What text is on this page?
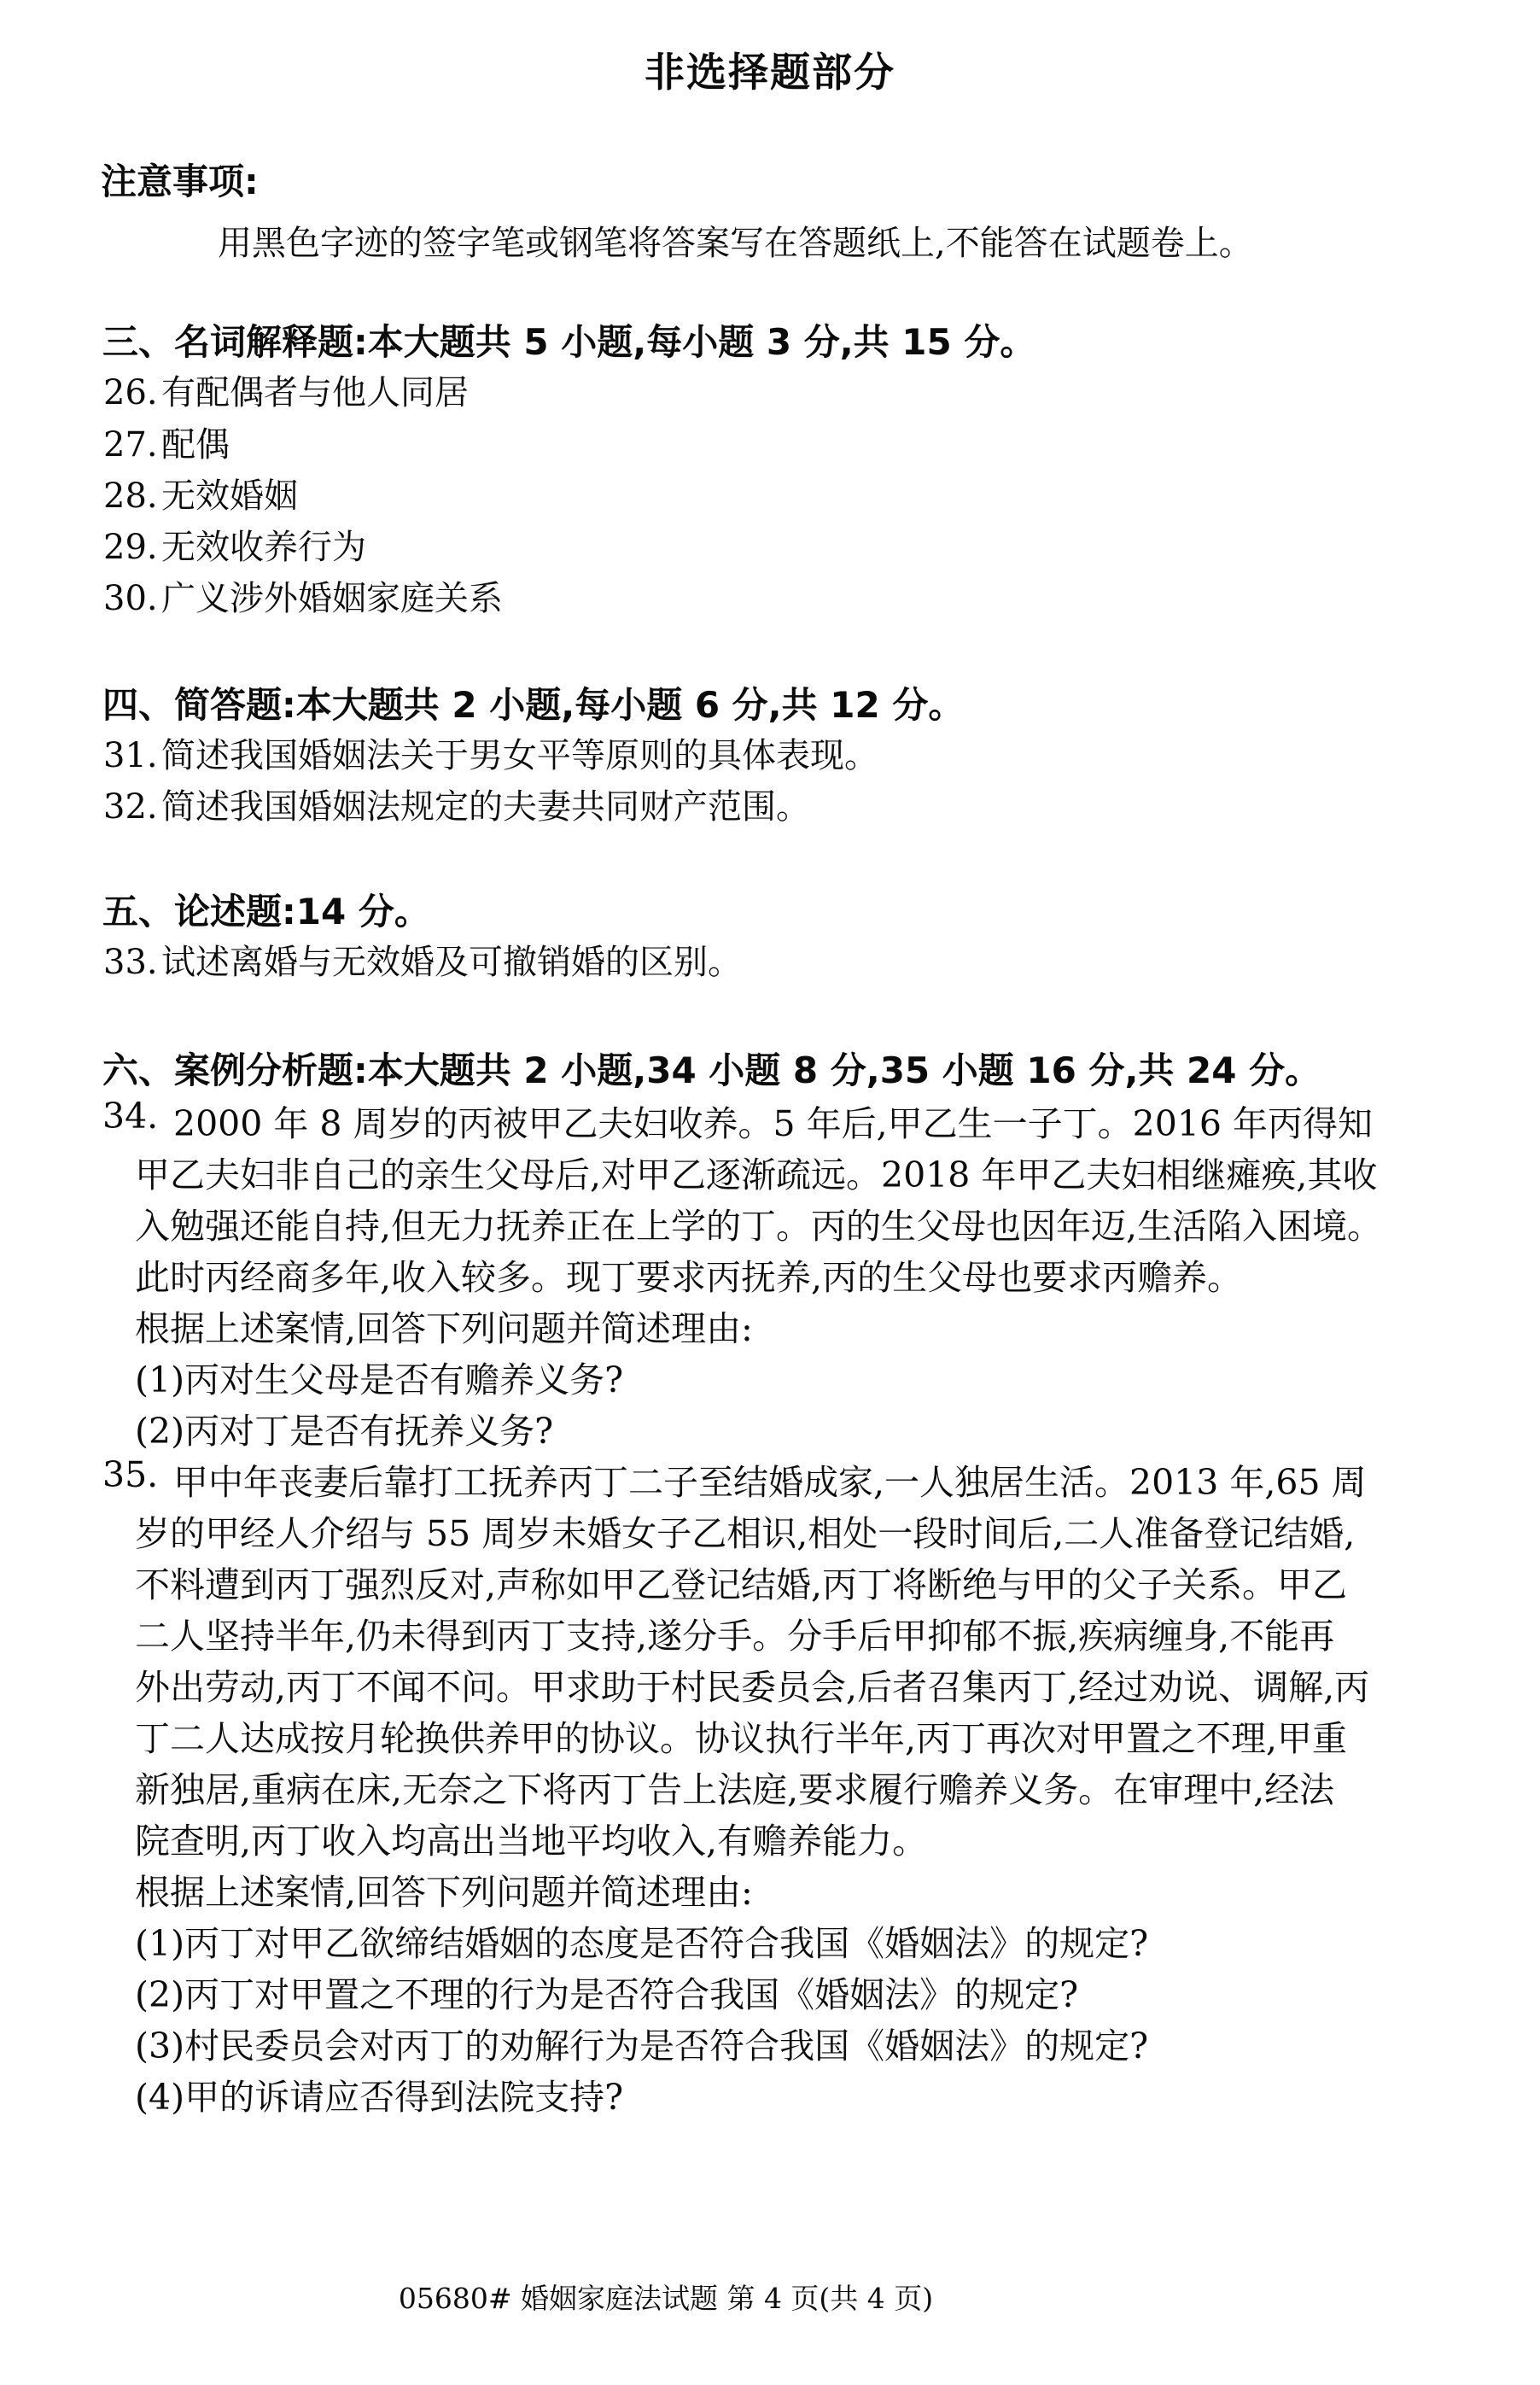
非选择题部分
注意事项:
用黑色字迹的签字笔或钢笔将答案写在答题纸上,不能答在试题卷上。
三、名词解释题:本大题共 5 小题,每小题 3 分,共 15 分。
26. 有配偶者与他人同居
27. 配偶
28. 无效婚姻
29. 无效收养行为
30. 广义涉外婚姻家庭关系
四、简答题:本大题共 2 小题,每小题 6 分,共 12 分。
31. 简述我国婚姻法关于男女平等原则的具体表现。
32. 简述我国婚姻法规定的夫妻共同财产范围。
五、论述题:14 分。
33. 试述离婚与无效婚及可撤销婚的区别。
六、案例分析题:本大题共 2 小题,34 小题 8 分,35 小题 16 分,共 24 分。
34. 2000 年 8 周岁的丙被甲乙夫妇收养。5 年后,甲乙生一子丁。2016 年丙得知
甲乙夫妇非自己的亲生父母后,对甲乙逐渐疏远。2018 年甲乙夫妇相继瘫痪,其收
入勉强还能自持,但无力抚养正在上学的丁。丙的生父母也因年迈,生活陷入困境。
此时丙经商多年,收入较多。现丁要求丙抚养,丙的生父母也要求丙赡养。
根据上述案情,回答下列问题并简述理由:
(1)丙对生父母是否有赡养义务?
(2)丙对丁是否有抚养义务?
35. 甲中年丧妻后靠打工抚养丙丁二子至结婚成家,一人独居生活。2013 年,65 周
岁的甲经人介绍与 55 周岁未婚女子乙相识,相处一段时间后,二人准备登记结婚,
不料遭到丙丁强烈反对,声称如甲乙登记结婚,丙丁将断绝与甲的父子关系。甲乙
二人坚持半年,仍未得到丙丁支持,遂分手。分手后甲抑郁不振,疾病缠身,不能再
外出劳动,丙丁不闻不问。甲求助于村民委员会,后者召集丙丁,经过劝说、调解,丙
丁二人达成按月轮换供养甲的协议。协议执行半年,丙丁再次对甲置之不理,甲重
新独居,重病在床,无奈之下将丙丁告上法庭,要求履行赡养义务。在审理中,经法
院查明,丙丁收入均高出当地平均收入,有赡养能力。
根据上述案情,回答下列问题并简述理由:
(1)丙丁对甲乙欲缔结婚姻的态度是否符合我国《婚姻法》的规定?
(2)丙丁对甲置之不理的行为是否符合我国《婚姻法》的规定?
(3)村民委员会对丙丁的劝解行为是否符合我国《婚姻法》的规定?
(4)甲的诉请应否得到法院支持?
05680# 婚姻家庭法试题 第 4 页(共 4 页)
